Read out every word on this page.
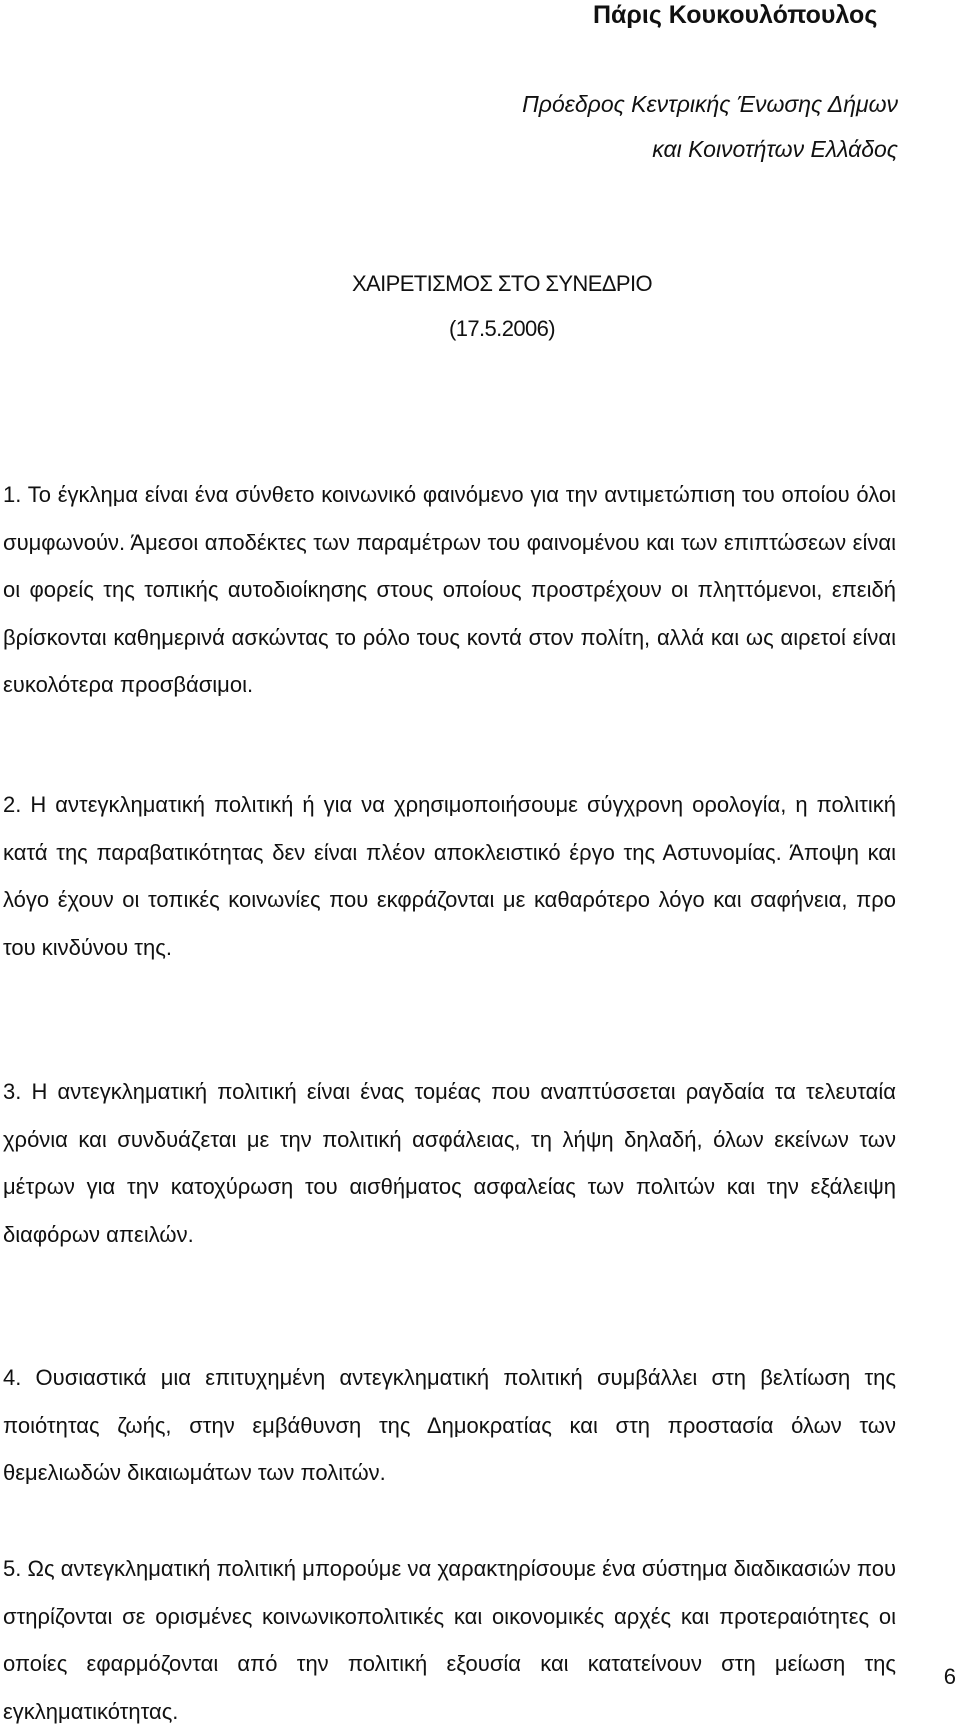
Πάρις Κουκουλόπουλος
Πρόεδρος Κεντρικής Ένωσης Δήμων
και Κοινοτήτων Ελλάδος
ΧΑΙΡΕΤΙΣΜΟΣ ΣΤΟ ΣΥΝΕΔΡΙΟ
(17.5.2006)

1. Το έγκλημα είναι ένα σύνθετο κοινωνικό φαινόμενο για την αντιμετώπιση του οποίου όλοι συμφωνούν. Άμεσοι αποδέκτες των παραμέτρων του φαινομένου και των επιπτώσεων είναι οι φορείς της τοπικής αυτοδιοίκησης στους οποίους προστρέχουν οι πληττόμενοι, επειδή βρίσκονται καθημερινά ασκώντας το ρόλο τους κοντά στον πολίτη, αλλά και ως αιρετοί είναι ευκολότερα προσβάσιμοι.

2. Η αντεγκληματική πολιτική ή για να χρησιμοποιήσουμε σύγχρονη ορολογία, η πολιτική κατά της παραβατικότητας δεν είναι πλέον αποκλειστικό έργο της Αστυνομίας. Άποψη και λόγο έχουν οι τοπικές κοινωνίες που εκφράζονται με καθαρότερο λόγο και σαφήνεια, προ του κινδύνου της.

3. Η αντεγκληματική πολιτική είναι ένας τομέας που αναπτύσσεται ραγδαία τα τελευταία χρόνια και συνδυάζεται με την πολιτική ασφάλειας, τη λήψη δηλαδή, όλων εκείνων των μέτρων για την κατοχύρωση του αισθήματος ασφαλείας των πολιτών και την εξάλειψη διαφόρων απειλών.

4. Ουσιαστικά μια επιτυχημένη αντεγκληματική πολιτική συμβάλλει στη βελτίωση της ποιότητας ζωής, στην εμβάθυνση της Δημοκρατίας και στη προστασία όλων των θεμελιωδών δικαιωμάτων των πολιτών.

5. Ως αντεγκληματική πολιτική μπορούμε να χαρακτηρίσουμε ένα σύστημα διαδικασιών που στηρίζονται σε ορισμένες κοινωνικοπολιτικές και οικονομικές αρχές και προτεραιότητες οι οποίες εφαρμόζονται από την πολιτική εξουσία και κατατείνουν στη μείωση της εγκληματικότητας.

6
